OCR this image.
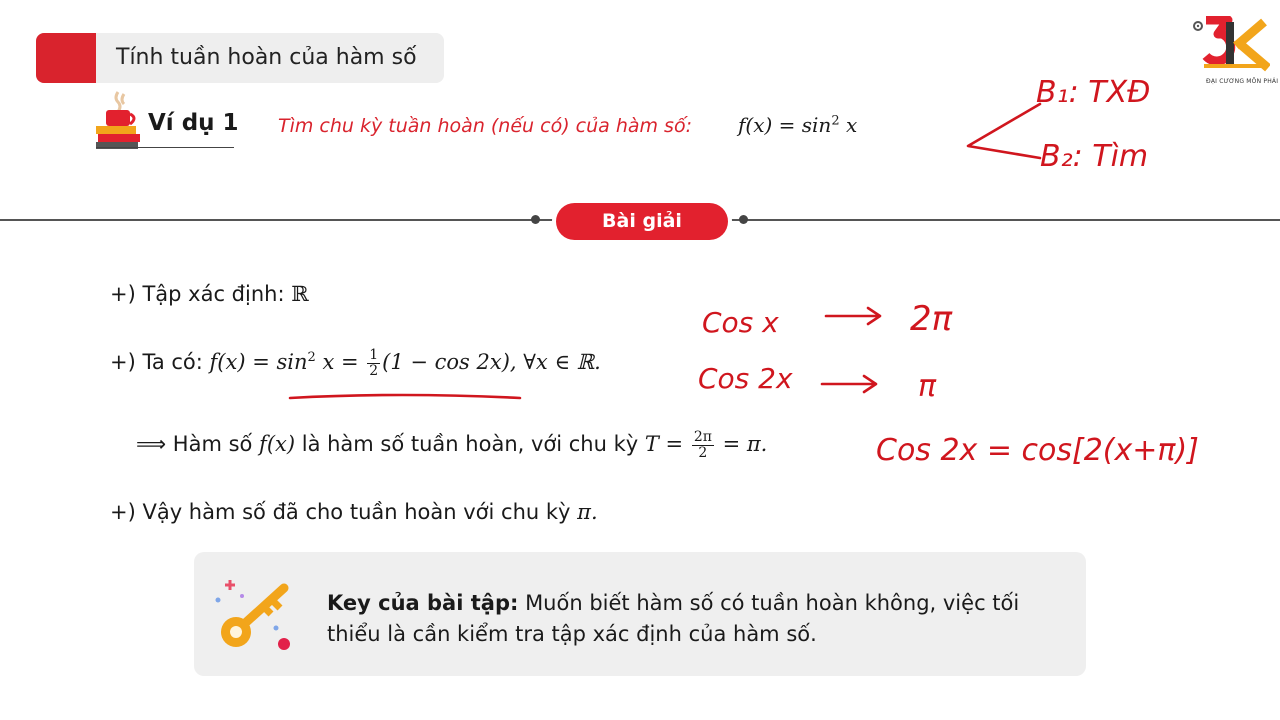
Tính tuần hoàn của hàm số
ĐẠI CƯƠNG MÔN PHÁI
Ví dụ 1 Tìm chu kỳ tuần hoàn (nếu có) của hàm số: $f(x) = \sin^2 x$
Bài giải
+) Tập xác định: ℝ
+) Ta có: $f(x) = \sin^2 x = \frac{1}{2} (1 - \cos 2x)$, ∀x ∈ ℝ.
⟹ Hàm số f(x) là hàm số tuần hoàn, với chu kỳ $T = \frac{2\pi}{2} = \pi$.
+) Vậy hàm số đã cho tuần hoàn với chu kỳ π.
Key của bài tập: Muốn biết hàm số có tuần hoàn không, việc tối thiểu là cần kiểm tra tập xác định của hàm số.
B₁: TXĐ
B₂: Tìm
Cos x	2π
Cos 2x	π
Cos 2x = cos[2(x+π)]
